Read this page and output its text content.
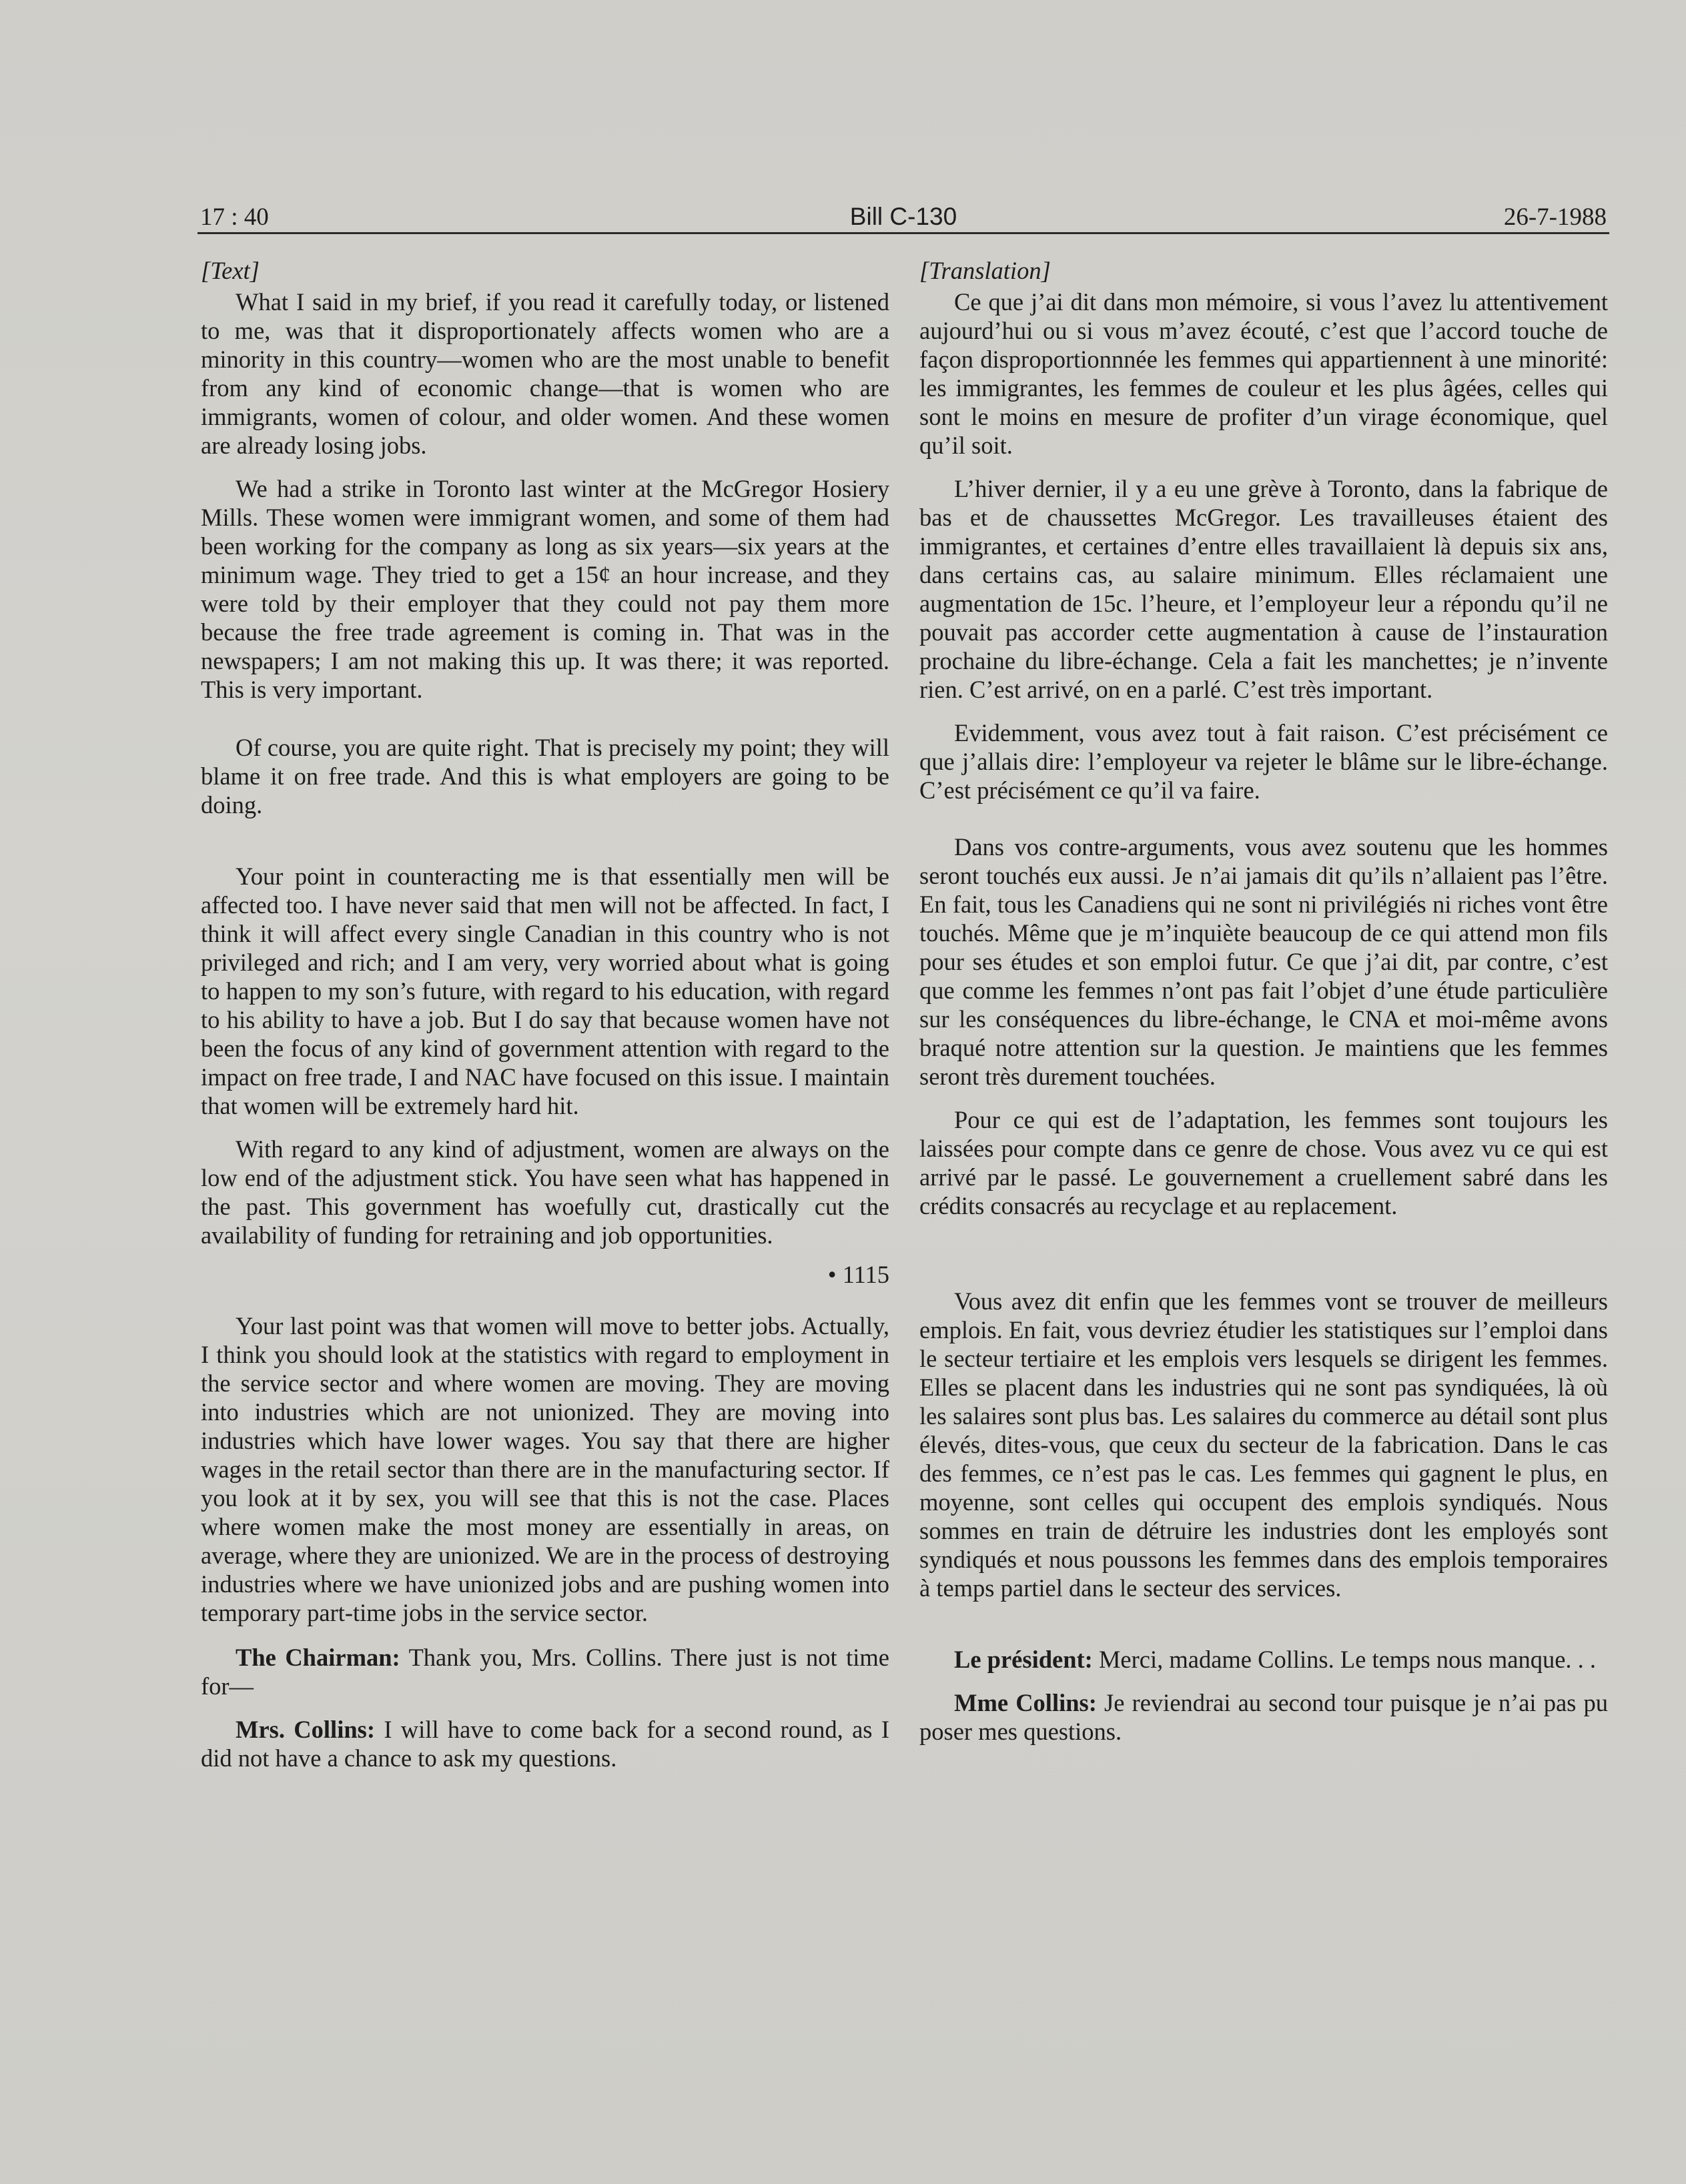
17 : 40	Bill C-130	26-7-1988
[Text]

What I said in my brief, if you read it carefully today, or listened to me, was that it disproportionately affects women who are a minority in this country—women who are the most unable to benefit from any kind of economic change—that is women who are immigrants, women of colour, and older women. And these women are already losing jobs.

We had a strike in Toronto last winter at the McGregor Hosiery Mills. These women were immigrant women, and some of them had been working for the company as long as six years—six years at the minimum wage. They tried to get a 15¢ an hour increase, and they were told by their employer that they could not pay them more because the free trade agreement is coming in. That was in the newspapers; I am not making this up. It was there; it was reported. This is very important.

Of course, you are quite right. That is precisely my point; they will blame it on free trade. And this is what employers are going to be doing.

Your point in counteracting me is that essentially men will be affected too. I have never said that men will not be affected. In fact, I think it will affect every single Canadian in this country who is not privileged and rich; and I am very, very worried about what is going to happen to my son’s future, with regard to his education, with regard to his ability to have a job. But I do say that because women have not been the focus of any kind of government attention with regard to the impact on free trade, I and NAC have focused on this issue. I maintain that women will be extremely hard hit.

With regard to any kind of adjustment, women are always on the low end of the adjustment stick. You have seen what has happened in the past. This government has woefully cut, drastically cut the availability of funding for retraining and job opportunities.

• 1115

Your last point was that women will move to better jobs. Actually, I think you should look at the statistics with regard to employment in the service sector and where women are moving. They are moving into industries which are not unionized. They are moving into industries which have lower wages. You say that there are higher wages in the retail sector than there are in the manufacturing sector. If you look at it by sex, you will see that this is not the case. Places where women make the most money are essentially in areas, on average, where they are unionized. We are in the process of destroying industries where we have unionized jobs and are pushing women into temporary part-time jobs in the service sector.

The Chairman: Thank you, Mrs. Collins. There just is not time for—

Mrs. Collins: I will have to come back for a second round, as I did not have a chance to ask my questions.

[Translation]

Ce que j’ai dit dans mon mémoire, si vous l’avez lu attentivement aujourd’hui ou si vous m’avez écouté, c’est que l’accord touche de façon disproportionnnée les femmes qui appartiennent à une minorité: les immigrantes, les femmes de couleur et les plus âgées, celles qui sont le moins en mesure de profiter d’un virage économique, quel qu’il soit.

L’hiver dernier, il y a eu une grève à Toronto, dans la fabrique de bas et de chaussettes McGregor. Les travailleuses étaient des immigrantes, et certaines d’entre elles travaillaient là depuis six ans, dans certains cas, au salaire minimum. Elles réclamaient une augmentation de 15c. l’heure, et l’employeur leur a répondu qu’il ne pouvait pas accorder cette augmentation à cause de l’instauration prochaine du libre-échange. Cela a fait les manchettes; je n’invente rien. C’est arrivé, on en a parlé. C’est très important.

Evidemment, vous avez tout à fait raison. C’est précisément ce que j’allais dire: l’employeur va rejeter le blâme sur le libre-échange. C’est précisément ce qu’il va faire.

Dans vos contre-arguments, vous avez soutenu que les hommes seront touchés eux aussi. Je n’ai jamais dit qu’ils n’allaient pas l’être. En fait, tous les Canadiens qui ne sont ni privilégiés ni riches vont être touchés. Même que je m’inquiète beaucoup de ce qui attend mon fils pour ses études et son emploi futur. Ce que j’ai dit, par contre, c’est que comme les femmes n’ont pas fait l’objet d’une étude particulière sur les conséquences du libre-échange, le CNA et moi-même avons braqué notre attention sur la question. Je maintiens que les femmes seront très durement touchées.

Pour ce qui est de l’adaptation, les femmes sont toujours les laissées pour compte dans ce genre de chose. Vous avez vu ce qui est arrivé par le passé. Le gouvernement a cruellement sabré dans les crédits consacrés au recyclage et au replacement.

Vous avez dit enfin que les femmes vont se trouver de meilleurs emplois. En fait, vous devriez étudier les statistiques sur l’emploi dans le secteur tertiaire et les emplois vers lesquels se dirigent les femmes. Elles se placent dans les industries qui ne sont pas syndiquées, là où les salaires sont plus bas. Les salaires du commerce au détail sont plus élevés, dites-vous, que ceux du secteur de la fabrication. Dans le cas des femmes, ce n’est pas le cas. Les femmes qui gagnent le plus, en moyenne, sont celles qui occupent des emplois syndiqués. Nous sommes en train de détruire les industries dont les employés sont syndiqués et nous poussons les femmes dans des emplois temporaires à temps partiel dans le secteur des services.

Le président: Merci, madame Collins. Le temps nous manque. . .

Mme Collins: Je reviendrai au second tour puisque je n’ai pas pu poser mes questions.
